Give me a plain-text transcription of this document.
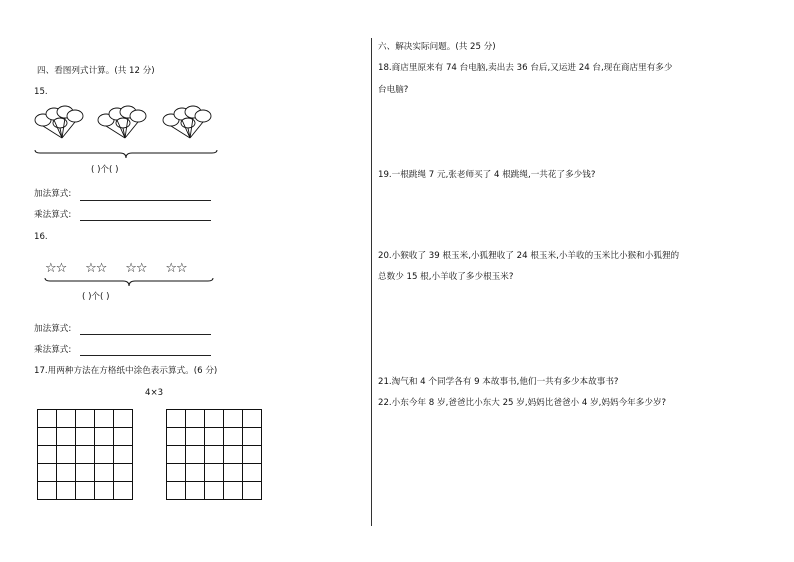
四、看图列式计算。(共 12 分)
15.
( )个( )
加法算式:
乘法算式:
16.
☆☆ ☆☆ ☆☆ ☆☆
( )个( )
加法算式:
乘法算式:
17.用两种方法在方格纸中涂色表示算式。(6 分)
4×3

六、解决实际问题。(共 25 分)
18.商店里原来有 74 台电脑,卖出去 36 台后,又运进 24 台,现在商店里有多少
台电脑?
19.一根跳绳 7 元,张老师买了 4 根跳绳,一共花了多少钱?
20.小猴收了 39 根玉米,小狐狸收了 24 根玉米,小羊收的玉米比小猴和小狐狸的
总数少 15 根,小羊收了多少根玉米?
21.淘气和 4 个同学各有 9 本故事书,他们一共有多少本故事书?
22.小东今年 8 岁,爸爸比小东大 25 岁,妈妈比爸爸小 4 岁,妈妈今年多少岁?
